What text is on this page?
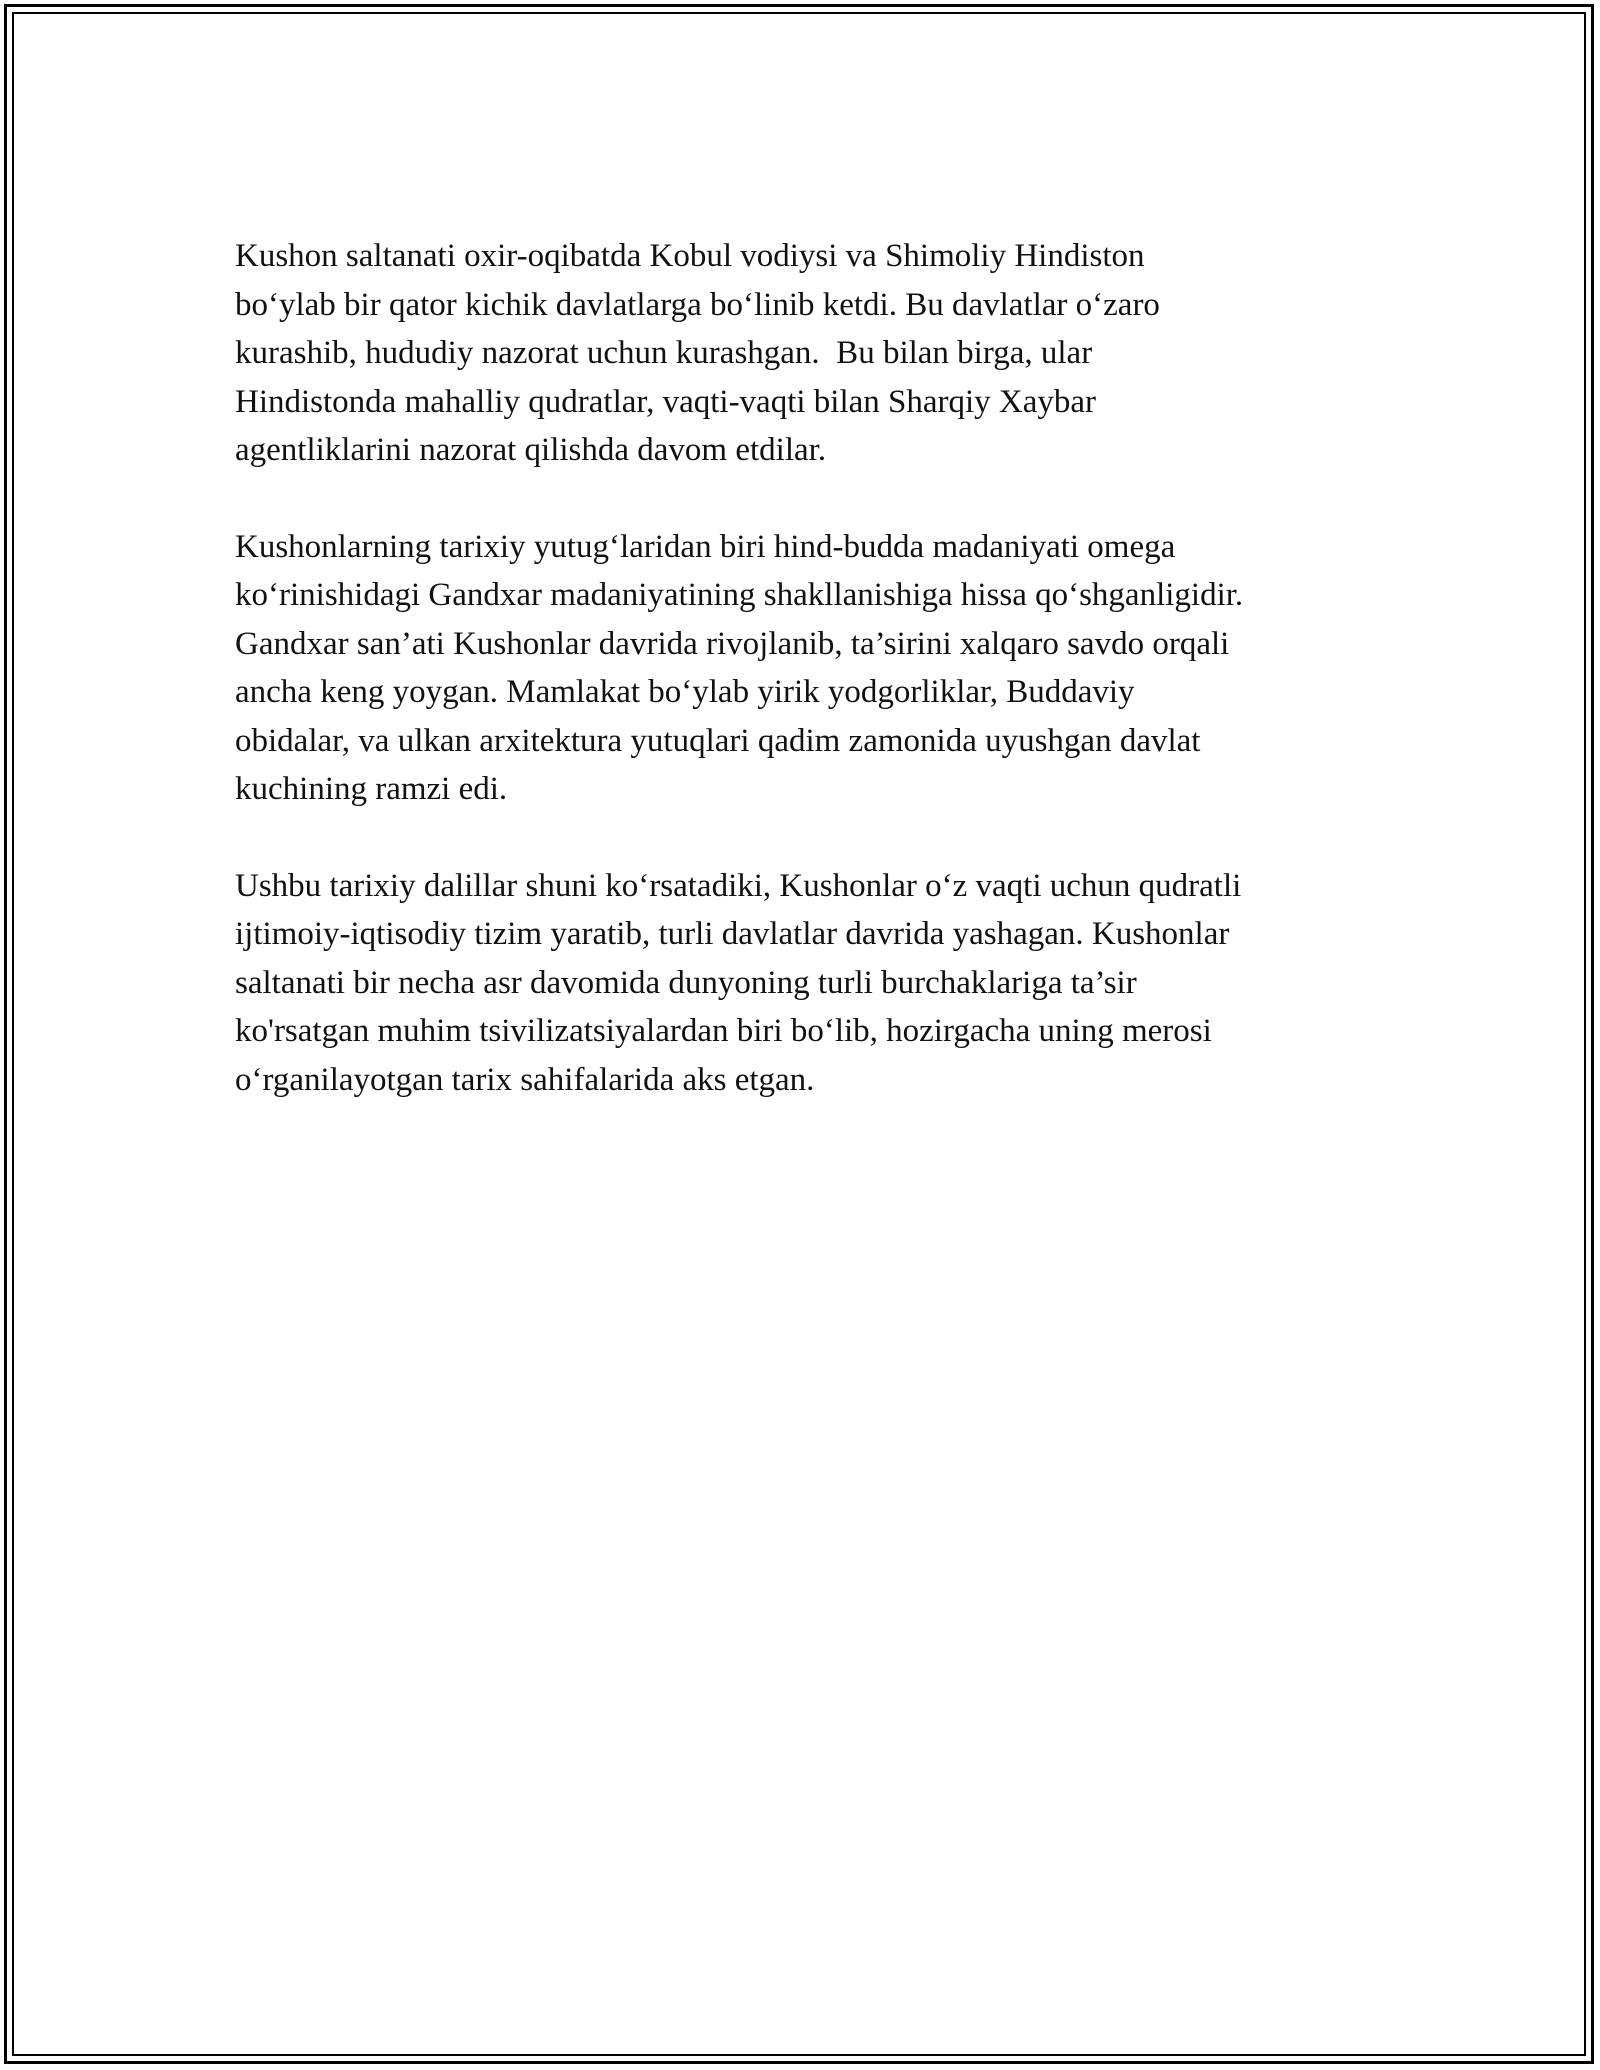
Kushon saltanati oxir-oqibatda Kobul vodiysi va Shimoliy Hindiston
bo‘ylab bir qator kichik davlatlarga bo‘linib ketdi. Bu davlatlar o‘zaro
kurashib, hududiy nazorat uchun kurashgan.  Bu bilan birga, ular
Hindistonda mahalliy qudratlar, vaqti-vaqti bilan Sharqiy Xaybar
agentliklarini nazorat qilishda davom etdilar.

Kushonlarning tarixiy yutug‘laridan biri hind-budda madaniyati omega
ko‘rinishidagi Gandxar madaniyatining shakllanishiga hissa qo‘shganligidir.
Gandxar san’ati Kushonlar davrida rivojlanib, ta’sirini xalqaro savdo orqali
ancha keng yoygan. Mamlakat bo‘ylab yirik yodgorliklar, Buddaviy
obidalar, va ulkan arxitektura yutuqlari qadim zamonida uyushgan davlat
kuchining ramzi edi.

Ushbu tarixiy dalillar shuni ko‘rsatadiki, Kushonlar o‘z vaqti uchun qudratli
ijtimoiy-iqtisodiy tizim yaratib, turli davlatlar davrida yashagan. Kushonlar
saltanati bir necha asr davomida dunyoning turli burchaklariga ta’sir
ko'rsatgan muhim tsivilizatsiyalardan biri bo‘lib, hozirgacha uning merosi
o‘rganilayotgan tarix sahifalarida aks etgan.
